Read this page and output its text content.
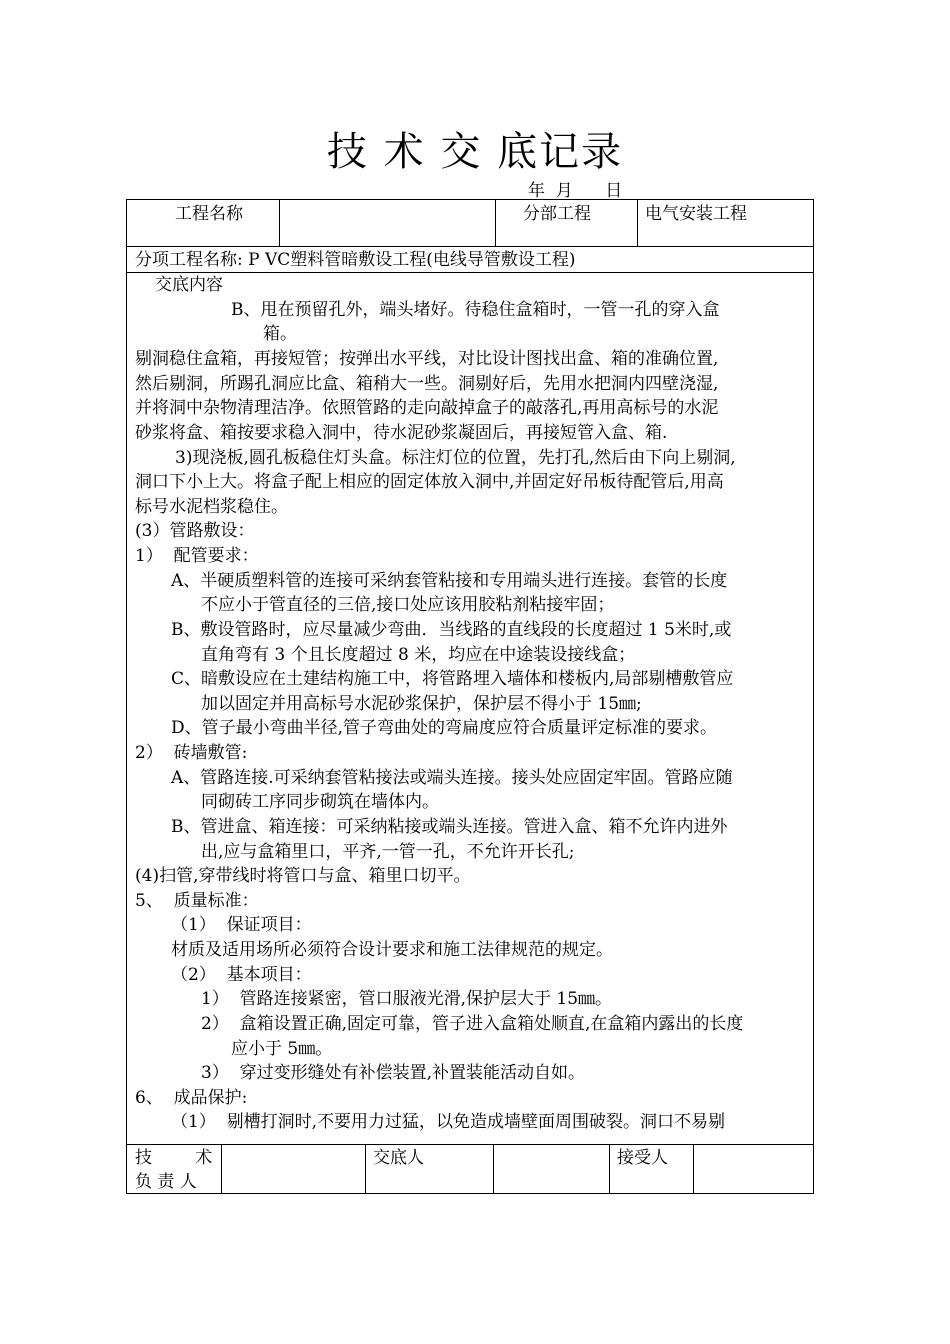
技 术 交 底记录
年  月      日
工程名称	分部工程	电气安装工程
分项工程名称: P VC塑料管暗敷设工程(电线导管敷设工程)
交底内容
B、甩在预留孔外，端头堵好。待稳住盒箱时，一管一孔的穿入盒
箱。
剔洞稳住盒箱，再接短管；按弹出水平线，对比设计图找出盒、箱的准确位置,
然后剔洞，所踢孔洞应比盒、箱稍大一些。洞剔好后，先用水把洞内四壁浇湿,
并将洞中杂物清理洁净。依照管路的走向敲掉盒子的敲落孔,再用高标号的水泥
砂浆将盒、箱按要求稳入洞中，待水泥砂浆凝固后，再接短管入盒、箱.
3)现浇板,圆孔板稳住灯头盒。标注灯位的位置，先打孔,然后由下向上剔洞,
洞口下小上大。将盒子配上相应的固定体放入洞中,并固定好吊板待配管后,用高
标号水泥档浆稳住。
(3）管路敷设：
1）  配管要求：
A、半硬质塑料管的连接可采纳套管粘接和专用端头进行连接。套管的长度
不应小于管直径的三倍,接口处应该用胶粘剂粘接牢固；
B、敷设管路时，应尽量减少弯曲．当线路的直线段的长度超过 1 5米时,或
直角弯有 3 个且长度超过 8 米，均应在中途装设接线盒；
C、暗敷设应在土建结构施工中，将管路埋入墙体和楼板内,局部剔槽敷管应
加以固定并用高标号水泥砂浆保护，保护层不得小于 15㎜;
D、管子最小弯曲半径,管子弯曲处的弯扁度应符合质量评定标准的要求。
2）  砖墙敷管:
A、管路连接.可采纳套管粘接法或端头连接。接头处应固定牢固。管路应随
同砌砖工序同步砌筑在墙体内。
B、管进盒、箱连接：可采纳粘接或端头连接。管进入盒、箱不允许内进外
出,应与盒箱里口，平齐,一管一孔，不允许开长孔;
(4)扫管,穿带线时将管口与盒、箱里口切平。
5、  质量标准：
（1）  保证项目：
材质及适用场所必须符合设计要求和施工法律规范的规定。
（2）  基本项目：
1）  管路连接紧密，管口服液光滑,保护层大于 15㎜。
2）  盒箱设置正确,固定可靠，管子进入盒箱处顺直,在盒箱内露出的长度
应小于 5㎜。
3）  穿过变形缝处有补偿装置,补置装能活动自如。
6、  成品保护:
（1）  剔槽打洞时,不要用力过猛，以免造成墙壁面周围破裂。洞口不易剔
技        术
负 责 人
交底人	接受人
